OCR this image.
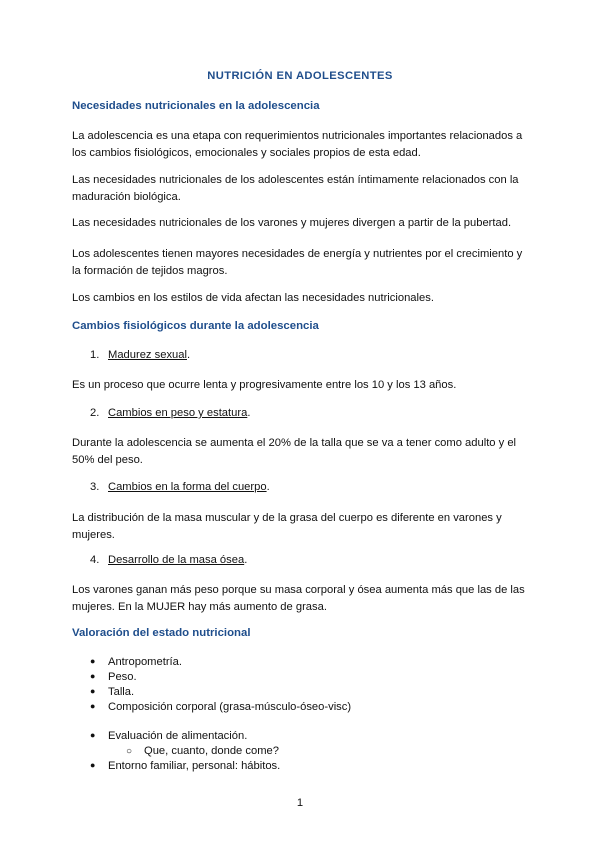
NUTRICIÓN EN ADOLESCENTES
Necesidades nutricionales en la adolescencia

La adolescencia es una etapa con requerimientos nutricionales importantes relacionados a los cambios fisiológicos, emocionales y sociales propios de esta edad.

Las necesidades nutricionales de los adolescentes están íntimamente relacionados con la maduración biológica.

Las necesidades nutricionales de los varones y mujeres divergen a partir de la pubertad.

Los adolescentes tienen mayores necesidades de energía y nutrientes por el crecimiento y la formación de tejidos magros.

Los cambios en los estilos de vida afectan las necesidades nutricionales.

Cambios fisiológicos durante la adolescencia
1. Madurez sexual.

Es un proceso que ocurre lenta y progresivamente entre los 10 y los 13 años.

2. Cambios en peso y estatura.

Durante la adolescencia se aumenta el 20% de la talla que se va a tener como adulto y el 50% del peso.

3. Cambios en la forma del cuerpo.

La distribución de la masa muscular y de la grasa del cuerpo es diferente en varones y mujeres.

4. Desarrollo de la masa ósea.

Los varones ganan más peso porque su masa corporal y ósea aumenta más que las de las mujeres. En la MUJER hay más aumento de grasa.

Valoración del estado nutricional
● Antropometría.
● Peso.
● Talla.
● Composición corporal (grasa-músculo-óseo-visc)
● Evaluación de alimentación.
○ Que, cuanto, donde come?
● Entorno familiar, personal: hábitos.
1
